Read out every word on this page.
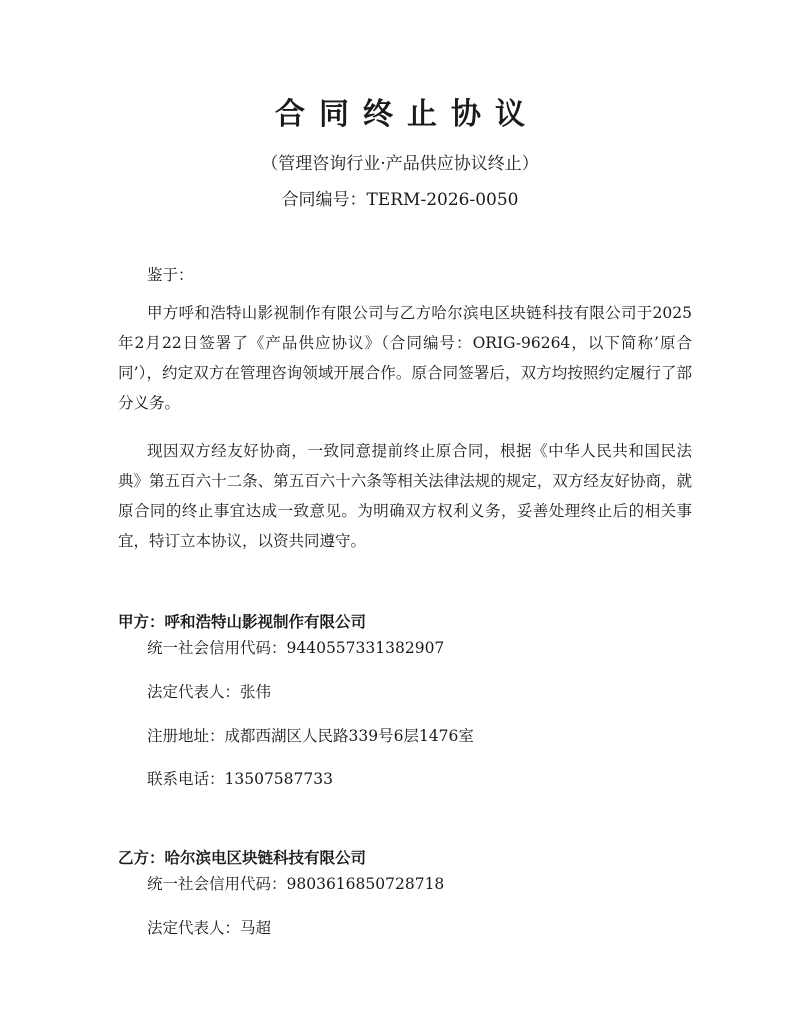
合同终止协议
（管理咨询行业·产品供应协议终止）
合同编号：TERM-2026-0050

鉴于：

甲方呼和浩特山影视制作有限公司与乙方哈尔滨电区块链科技有限公司于2025年2月22日签署了《产品供应协议》（合同编号：ORIG-96264，以下简称’原合同’），约定双方在管理咨询领域开展合作。原合同签署后，双方均按照约定履行了部分义务。

现因双方经友好协商，一致同意提前终止原合同，根据《中华人民共和国民法典》第五百六十二条、第五百六十六条等相关法律法规的规定，双方经友好协商，就原合同的终止事宜达成一致意见。为明确双方权利义务，妥善处理终止后的相关事宜，特订立本协议，以资共同遵守。

甲方：呼和浩特山影视制作有限公司
统一社会信用代码：9440557331382907
法定代表人：张伟
注册地址：成都西湖区人民路339号6层1476室
联系电话：13507587733
乙方：哈尔滨电区块链科技有限公司
统一社会信用代码：9803616850728718
法定代表人：马超
